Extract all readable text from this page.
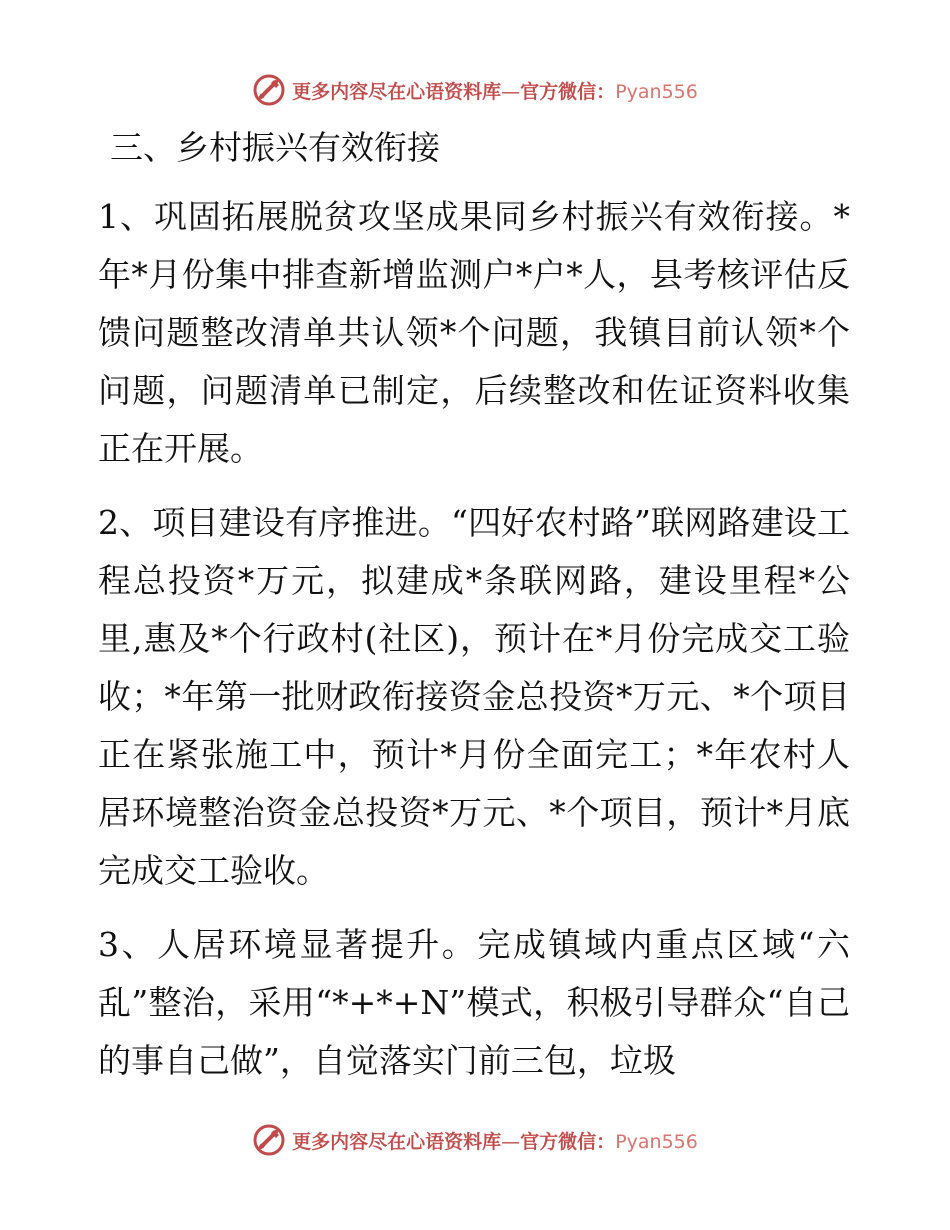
更多内容尽在心语资料库—官方微信：Pyan556
三、乡村振兴有效衔接

1、巩固拓展脱贫攻坚成果同乡村振兴有效衔接。*年*月份集中排查新增监测户*户*人，县考核评估反馈问题整改清单共认领*个问题，我镇目前认领*个问题，问题清单已制定，后续整改和佐证资料收集正在开展。

2、项目建设有序推进。“四好农村路”联网路建设工程总投资*万元，拟建成*条联网路，建设里程*公里,惠及*个行政村(社区)，预计在*月份完成交工验收；*年第一批财政衔接资金总投资*万元、*个项目正在紧张施工中，预计*月份全面完工；*年农村人居环境整治资金总投资*万元、*个项目，预计*月底完成交工验收。

3、人居环境显著提升。完成镇域内重点区域“六乱”整治，采用“*+*+N”模式，积极引导群众“自己的事自己做”，自觉落实门前三包，垃圾

更多内容尽在心语资料库—官方微信：Pyan556
